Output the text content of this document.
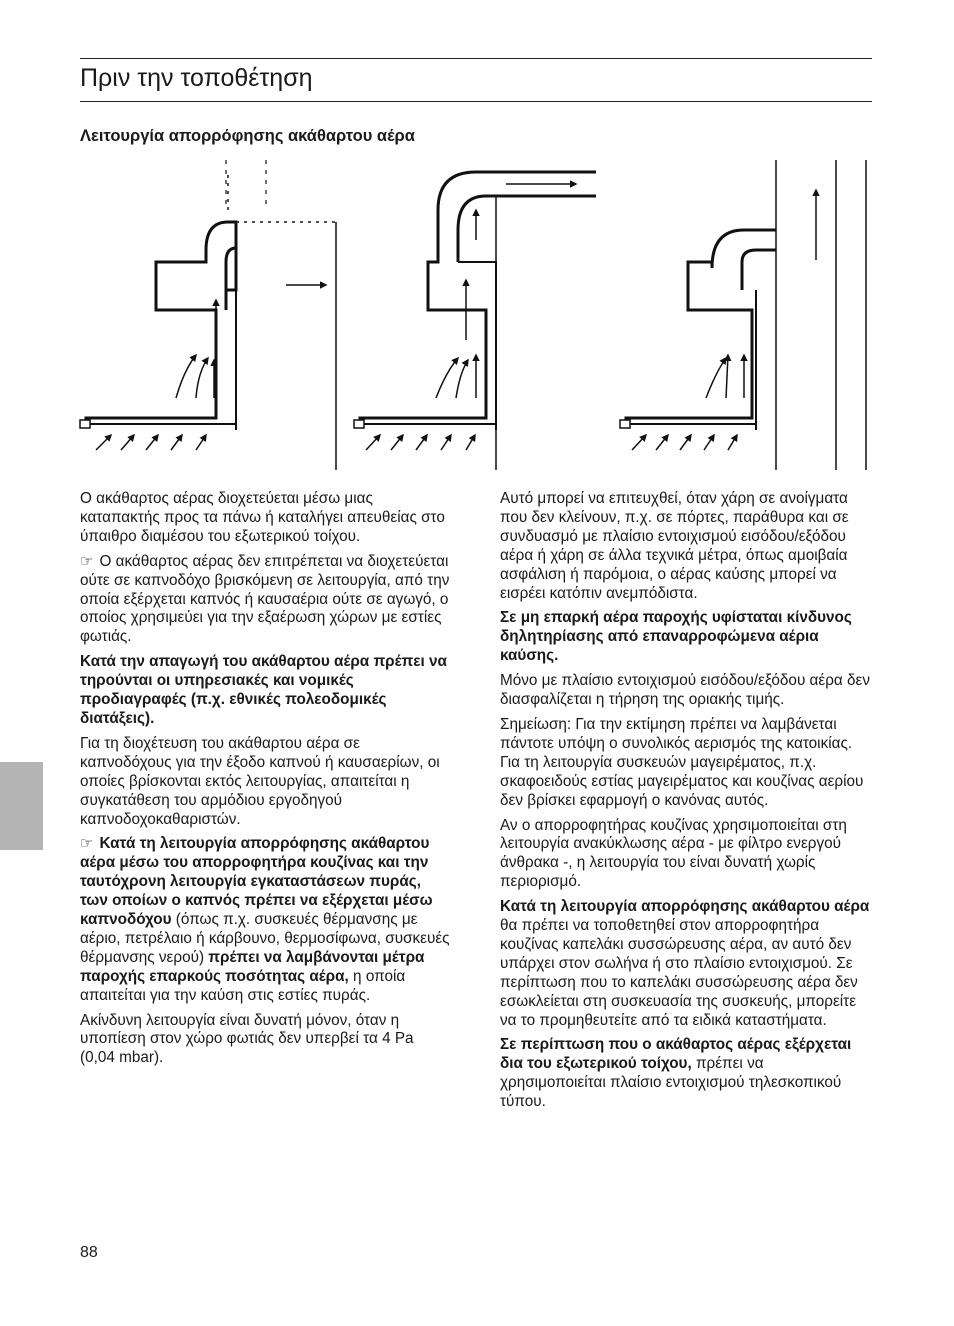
Πριν την τοποθέτηση
Λειτουργία απορρόφησης ακάθαρτου αέρα

Ο ακάθαρτος αέρας διοχετεύεται μέσω μιας καταπακτής προς τα πάνω ή καταλήγει απευθείας στο ύπαιθρο διαμέσου του εξωτερικού τοίχου.

☞ Ο ακάθαρτος αέρας δεν επιτρέπεται να διοχετεύεται ούτε σε καπνοδόχο βρισκόμενη σε λειτουργία, από την οποία εξέρχεται καπνός ή καυσαέρια ούτε σε αγωγό, ο οποίος χρησιμεύει για την εξαέρωση χώρων με εστίες φωτιάς.

Κατά την απαγωγή του ακάθαρτου αέρα πρέπει να τηρούνται οι υπηρεσιακές και νομικές προδιαγραφές (π.χ. εθνικές πολεοδομικές διατάξεις).

Για τη διοχέτευση του ακάθαρτου αέρα σε καπνοδόχους για την έξοδο καπνού ή καυσαερίων, οι οποίες βρίσκονται εκτός λειτουργίας, απαιτείται η συγκατάθεση του αρμόδιου εργοδηγού καπνοδοχοκαθαριστών.

☞ Κατά τη λειτουργία απορρόφησης ακάθαρτου αέρα μέσω του απορροφητήρα κουζίνας και την ταυτόχρονη λειτουργία εγκαταστάσεων πυράς, των οποίων ο καπνός πρέπει να εξέρχεται μέσω καπνοδόχου (όπως π.χ. συσκευές θέρμανσης με αέριο, πετρέλαιο ή κάρβουνο, θερμοσίφωνα, συσκευές θέρμανσης νερού) πρέπει να λαμβάνονται μέτρα παροχής επαρκούς ποσότητας αέρα, η οποία απαιτείται για την καύση στις εστίες πυράς.

Ακίνδυνη λειτουργία είναι δυνατή μόνον, όταν η υποπίεση στον χώρο φωτιάς δεν υπερβεί τα 4 Pa (0,04 mbar).

Αυτό μπορεί να επιτευχθεί, όταν χάρη σε ανοίγματα που δεν κλείνουν, π.χ. σε πόρτες, παράθυρα και σε συνδυασμό με πλαίσιο εντοιχισμού εισόδου/εξόδου αέρα ή χάρη σε άλλα τεχνικά μέτρα, όπως αμοιβαία ασφάλιση ή παρόμοια, ο αέρας καύσης μπορεί να εισρέει κατόπιν ανεμπόδιστα.

Σε μη επαρκή αέρα παροχής υφίσταται κίνδυνος δηλητηρίασης από επαναρροφώμενα αέρια καύσης.

Μόνο με πλαίσιο εντοιχισμού εισόδου/εξόδου αέρα δεν διασφαλίζεται η τήρηση της οριακής τιμής.

Σημείωση: Για την εκτίμηση πρέπει να λαμβάνεται πάντοτε υπόψη ο συνολικός αερισμός της κατοικίας. Για τη λειτουργία συσκευών μαγειρέματος, π.χ. σκαφοειδούς εστίας μαγειρέματος και κουζίνας αερίου δεν βρίσκει εφαρμογή ο κανόνας αυτός.

Αν ο απορροφητήρας κουζίνας χρησιμοποιείται στη λειτουργία ανακύκλωσης αέρα - με φίλτρο ενεργού άνθρακα -, η λειτουργία του είναι δυνατή χωρίς περιορισμό.

Κατά τη λειτουργία απορρόφησης ακάθαρτου αέρα θα πρέπει να τοποθετηθεί στον απορροφητήρα κουζίνας καπελάκι συσσώρευσης αέρα, αν αυτό δεν υπάρχει στον σωλήνα ή στο πλαίσιο εντοιχισμού. Σε περίπτωση που το καπελάκι συσσώρευσης αέρα δεν εσωκλείεται στη συσκευασία της συσκευής, μπορείτε να το προμηθευτείτε από τα ειδικά καταστήματα.

Σε περίπτωση που ο ακάθαρτος αέρας εξέρχεται δια του εξωτερικού τοίχου, πρέπει να χρησιμοποιείται πλαίσιο εντοιχισμού τηλεσκοπικού τύπου.

88
